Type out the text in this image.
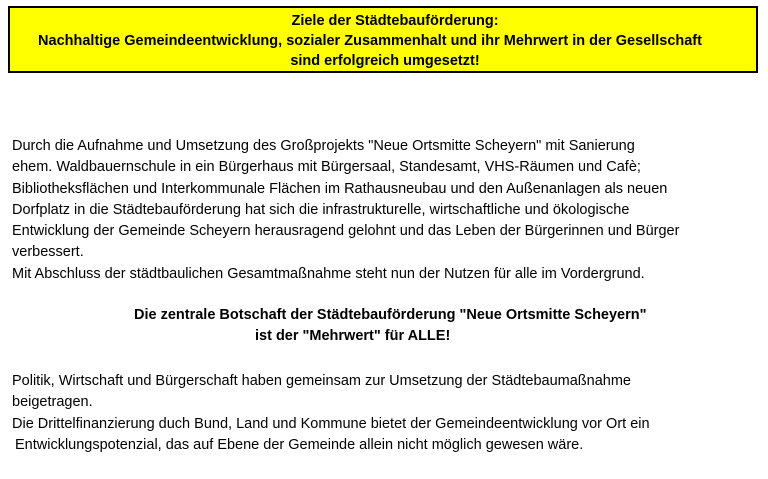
Ziele der Städtebauförderung:
Nachhaltige Gemeindeentwicklung, sozialer Zusammenhalt und ihr Mehrwert in der Gesellschaft
sind erfolgreich umgesetzt!
Durch die Aufnahme und Umsetzung des Großprojekts "Neue Ortsmitte Scheyern" mit Sanierung
ehem. Waldbauernschule in ein Bürgerhaus mit Bürgersaal, Standesamt, VHS-Räumen und Cafè;
Bibliotheksflächen und Interkommunale Flächen im Rathausneubau und den Außenanlagen als neuen
Dorfplatz in die Städtebauförderung hat sich die infrastrukturelle, wirtschaftliche und ökologische
Entwicklung der Gemeinde Scheyern herausragend gelohnt und das Leben der Bürgerinnen und Bürger
verbessert.
Mit Abschluss der städtbaulichen Gesamtmaßnahme steht nun der Nutzen für alle im Vordergrund.
Die zentrale Botschaft der Städtebauförderung "Neue Ortsmitte Scheyern"
ist der "Mehrwert" für ALLE!
Politik, Wirtschaft und Bürgerschaft haben gemeinsam zur Umsetzung der Städtebaumaßnahme
beigetragen.
Die Drittelfinanzierung duch Bund, Land und Kommune bietet der Gemeindeentwicklung vor Ort ein
Entwicklungspotenzial, das auf Ebene der Gemeinde allein nicht möglich gewesen wäre.
